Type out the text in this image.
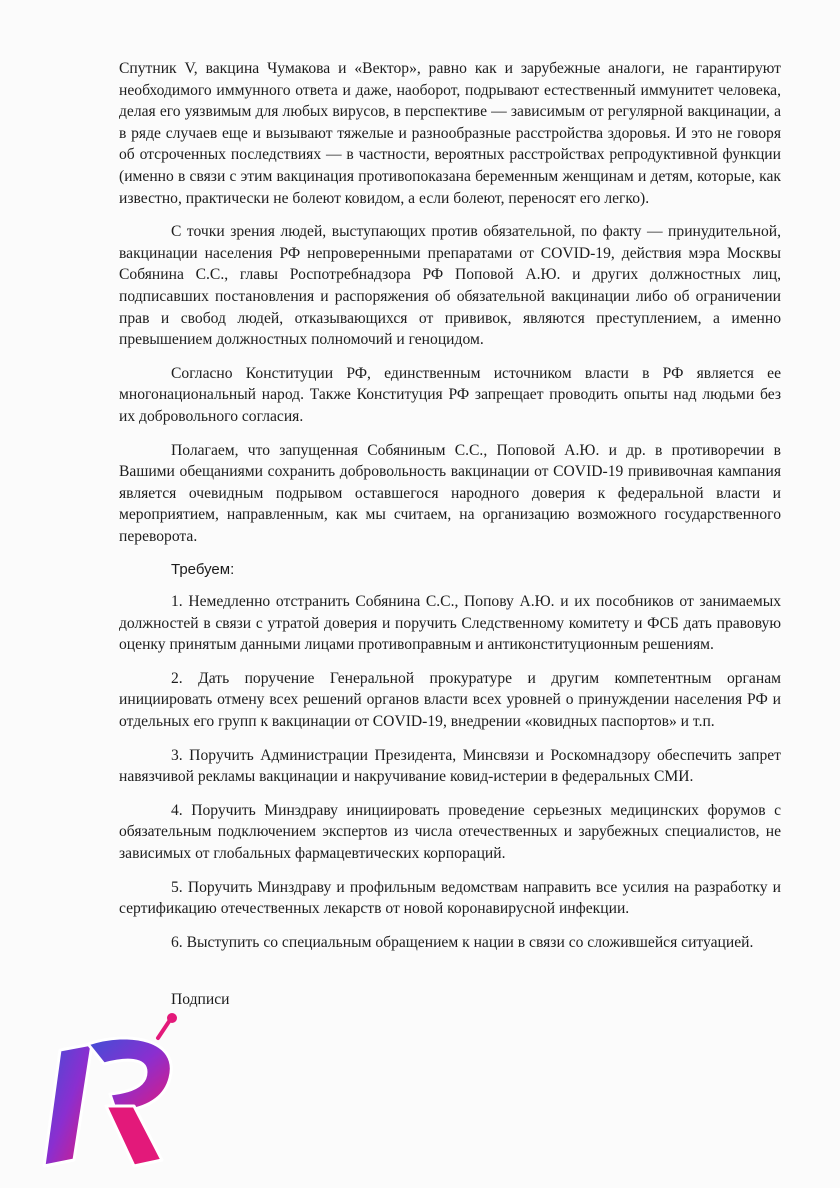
Спутник V, вакцина Чумакова и «Вектор», равно как и зарубежные аналоги, не гарантируют необходимого иммунного ответа и даже, наоборот, подрывают естественный иммунитет человека, делая его уязвимым для любых вирусов, в перспективе — зависимым от регулярной вакцинации, а в ряде случаев еще и вызывают тяжелые и разнообразные расстройства здоровья. И это не говоря об отсроченных последствиях — в частности, вероятных расстройствах репродуктивной функции (именно в связи с этим вакцинация противопоказана беременным женщинам и детям, которые, как известно, практически не болеют ковидом, а если болеют, переносят его легко).

С точки зрения людей, выступающих против обязательной, по факту — принудительной, вакцинации населения РФ непроверенными препаратами от COVID-19, действия мэра Москвы Собянина С.С., главы Роспотребнадзора РФ Поповой А.Ю. и других должностных лиц, подписавших постановления и распоряжения об обязательной вакцинации либо об ограничении прав и свобод людей, отказывающихся от прививок, являются преступлением, а именно превышением должностных полномочий и геноцидом.

Согласно Конституции РФ, единственным источником власти в РФ является ее многонациональный народ. Также Конституция РФ запрещает проводить опыты над людьми без их добровольного согласия.

Полагаем, что запущенная Собяниным С.С., Поповой А.Ю. и др. в противоречии в Вашими обещаниями сохранить добровольность вакцинации от COVID-19 прививочная кампания является очевидным подрывом оставшегося народного доверия к федеральной власти и мероприятием, направленным, как мы считаем, на организацию возможного государственного переворота.

Требуем:

1. Немедленно отстранить Собянина С.С., Попову А.Ю. и их пособников от занимаемых должностей в связи с утратой доверия и поручить Следственному комитету и ФСБ дать правовую оценку принятым данными лицами противоправным и антиконституционным решениям.

2. Дать поручение Генеральной прокуратуре и другим компетентным органам инициировать отмену всех решений органов власти всех уровней о принуждении населения РФ и отдельных его групп к вакцинации от COVID-19, внедрении «ковидных паспортов» и т.п.

3. Поручить Администрации Президента, Минсвязи и Роскомнадзору обеспечить запрет навязчивой рекламы вакцинации и накручивание ковид-истерии в федеральных СМИ.

4. Поручить Минздраву инициировать проведение серьезных медицинских форумов с обязательным подключением экспертов из числа отечественных и зарубежных специалистов, не зависимых от глобальных фармацевтических корпораций.

5. Поручить Минздраву и профильным ведомствам направить все усилия на разработку и сертификацию отечественных лекарств от новой коронавирусной инфекции.

6. Выступить со специальным обращением к нации в связи со сложившейся ситуацией.

Подписи
